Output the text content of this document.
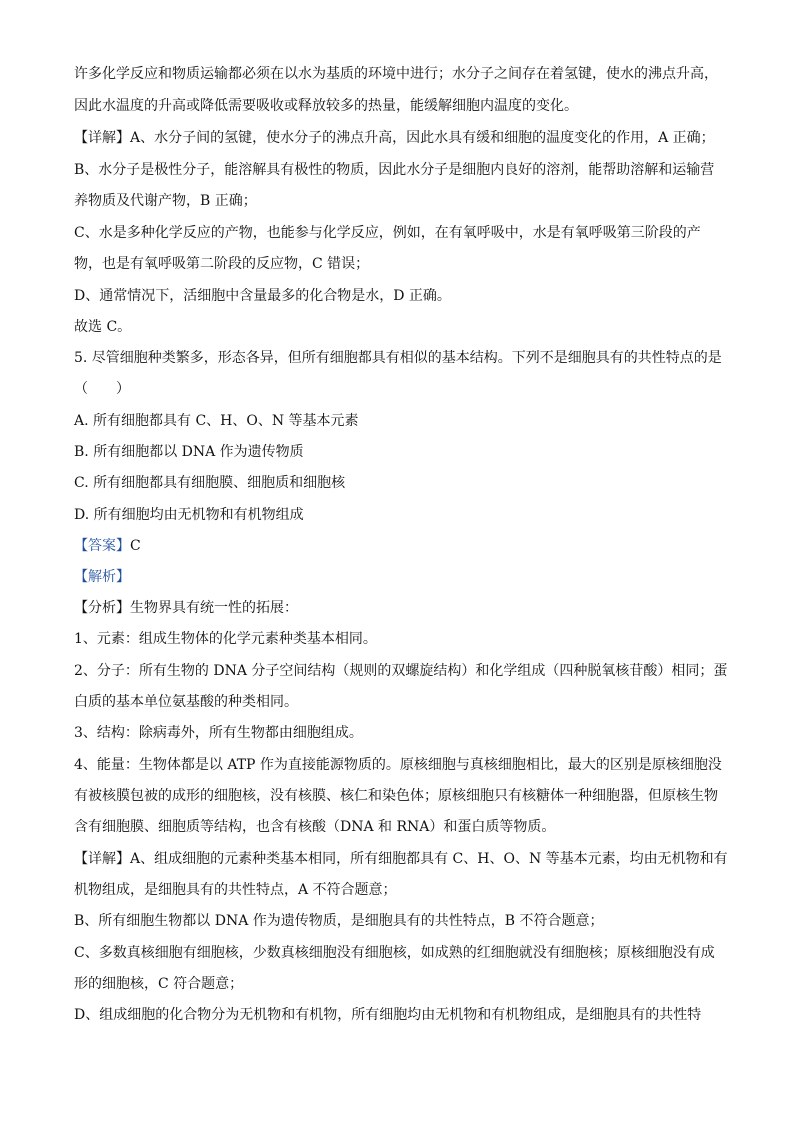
许多化学反应和物质运输都必须在以水为基质的环境中进行；水分子之间存在着氢键，使水的沸点升高，
因此水温度的升高或降低需要吸收或释放较多的热量，能缓解细胞内温度的变化。
【详解】A、水分子间的氢键，使水分子的沸点升高，因此水具有缓和细胞的温度变化的作用，A 正确；
B、水分子是极性分子，能溶解具有极性的物质，因此水分子是细胞内良好的溶剂，能帮助溶解和运输营
养物质及代谢产物，B 正确；
C、水是多种化学反应的产物，也能参与化学反应，例如，在有氧呼吸中，水是有氧呼吸第三阶段的产
物，也是有氧呼吸第二阶段的反应物，C 错误；
D、通常情况下，活细胞中含量最多的化合物是水，D 正确。
故选 C。
5. 尽管细胞种类繁多，形态各异，但所有细胞都具有相似的基本结构。下列不是细胞具有的共性特点的是
（　　）
A. 所有细胞都具有 C、H、O、N 等基本元素
B. 所有细胞都以 DNA 作为遗传物质
C. 所有细胞都具有细胞膜、细胞质和细胞核
D. 所有细胞均由无机物和有机物组成
【答案】C
【解析】
【分析】生物界具有统一性的拓展：
1、元素：组成生物体的化学元素种类基本相同。
2、分子：所有生物的 DNA 分子空间结构（规则的双螺旋结构）和化学组成（四种脱氧核苷酸）相同；蛋
白质的基本单位氨基酸的种类相同。
3、结构：除病毒外，所有生物都由细胞组成。
4、能量：生物体都是以 ATP 作为直接能源物质的。原核细胞与真核细胞相比，最大的区别是原核细胞没
有被核膜包被的成形的细胞核，没有核膜、核仁和染色体；原核细胞只有核糖体一种细胞器，但原核生物
含有细胞膜、细胞质等结构，也含有核酸（DNA 和 RNA）和蛋白质等物质。
【详解】A、组成细胞的元素种类基本相同，所有细胞都具有 C、H、O、N 等基本元素，均由无机物和有
机物组成，是细胞具有的共性特点，A 不符合题意；
B、所有细胞生物都以 DNA 作为遗传物质，是细胞具有的共性特点，B 不符合题意；
C、多数真核细胞有细胞核，少数真核细胞没有细胞核，如成熟的红细胞就没有细胞核；原核细胞没有成
形的细胞核，C 符合题意；
D、组成细胞的化合物分为无机物和有机物，所有细胞均由无机物和有机物组成，是细胞具有的共性特
